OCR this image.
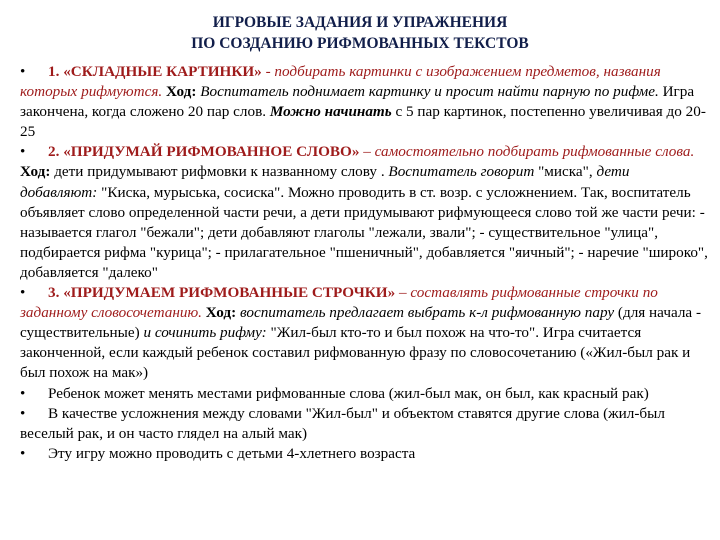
ИГРОВЫЕ ЗАДАНИЯ И УПРАЖНЕНИЯ
ПО СОЗДАНИЮ РИФМОВАННЫХ ТЕКСТОВ

• 1. «СКЛАДНЫЕ КАРТИНКИ» - подбирать картинки с изображением предметов, названия которых рифмуются. Ход: Воспитатель поднимает картинку и просит найти парную по рифме. Игра закончена, когда сложено 20 пар слов. Можно начинать с 5 пар картинок, постепенно увеличивая до 20-25

• 2. «ПРИДУМАЙ РИФМОВАННОЕ СЛОВО» – самостоятельно подбирать рифмованные слова. Ход: дети придумывают рифмовки к названному слову . Воспитатель говорит "миска", дети добавляют: "Киска, мурыська, сосиска". Можно проводить в ст. возр. с усложнением. Так, воспитатель объявляет слово определенной части речи, а дети придумывают рифмующееся слово той же части речи: - называется глагол "бежали"; дети добавляют глаголы "лежали, звали"; - существительное "улица", подбирается рифма "курица"; - прилагательное "пшеничный", добавляется "яичный"; - наречие "широко", добавляется "далеко"

• 3. «ПРИДУМАЕМ РИФМОВАННЫЕ СТРОЧКИ» – составлять рифмованные строчки по заданному словосочетанию. Ход: воспитатель предлагает выбрать к-л рифмованную пару (для начала - существительные) и сочинить рифму: "Жил-был кто-то и был похож на что-то". Игра считается законченной, если каждый ребенок составил рифмованную фразу по словосочетанию («Жил-был рак и был похож на мак»)

• Ребенок может менять местами рифмованные слова (жил-был мак, он был, как красный рак)

• В качестве усложнения между словами "Жил-был" и объектом ставятся другие слова (жил-был веселый рак, и он часто глядел на алый мак)

• Эту игру можно проводить с детьми 4-хлетнего возраста
